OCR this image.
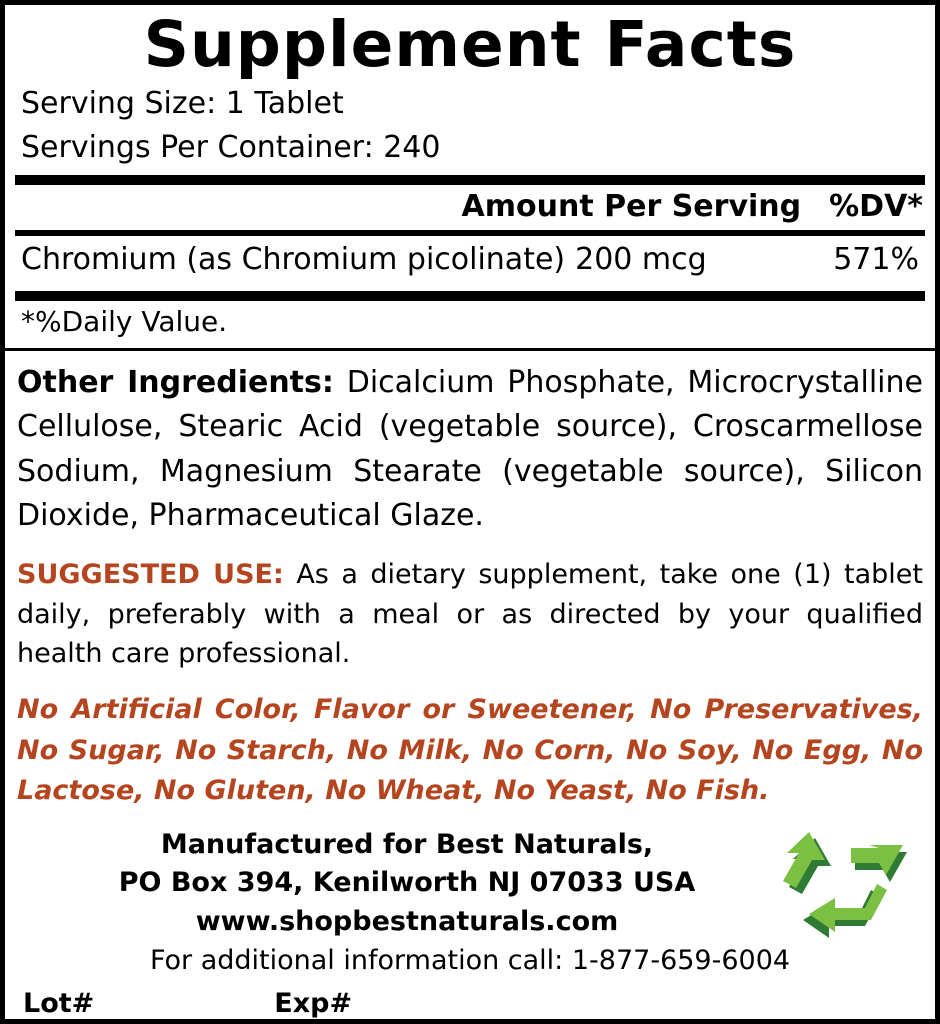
Supplement Facts
Serving Size: 1 Tablet
Servings Per Container: 240
Amount Per Serving %DV*
Chromium (as Chromium picolinate) 200 mcg	571%
*%Daily Value.
Other Ingredients: Dicalcium Phosphate, Microcrystalline Cellulose, Stearic Acid (vegetable source), Croscarmellose Sodium, Magnesium Stearate (vegetable source), Silicon Dioxide, Pharmaceutical Glaze.
SUGGESTED USE: As a dietary supplement, take one (1) tablet daily, preferably with a meal or as directed by your qualified health care professional.
No Artificial Color, Flavor or Sweetener, No Preservatives, No Sugar, No Starch, No Milk, No Corn, No Soy, No Egg, No Lactose, No Gluten, No Wheat, No Yeast, No Fish.
Manufactured for Best Naturals,
PO Box 394, Kenilworth NJ 07033 USA
www.shopbestnaturals.com
For additional information call: 1-877-659-6004
Lot#	Exp#
